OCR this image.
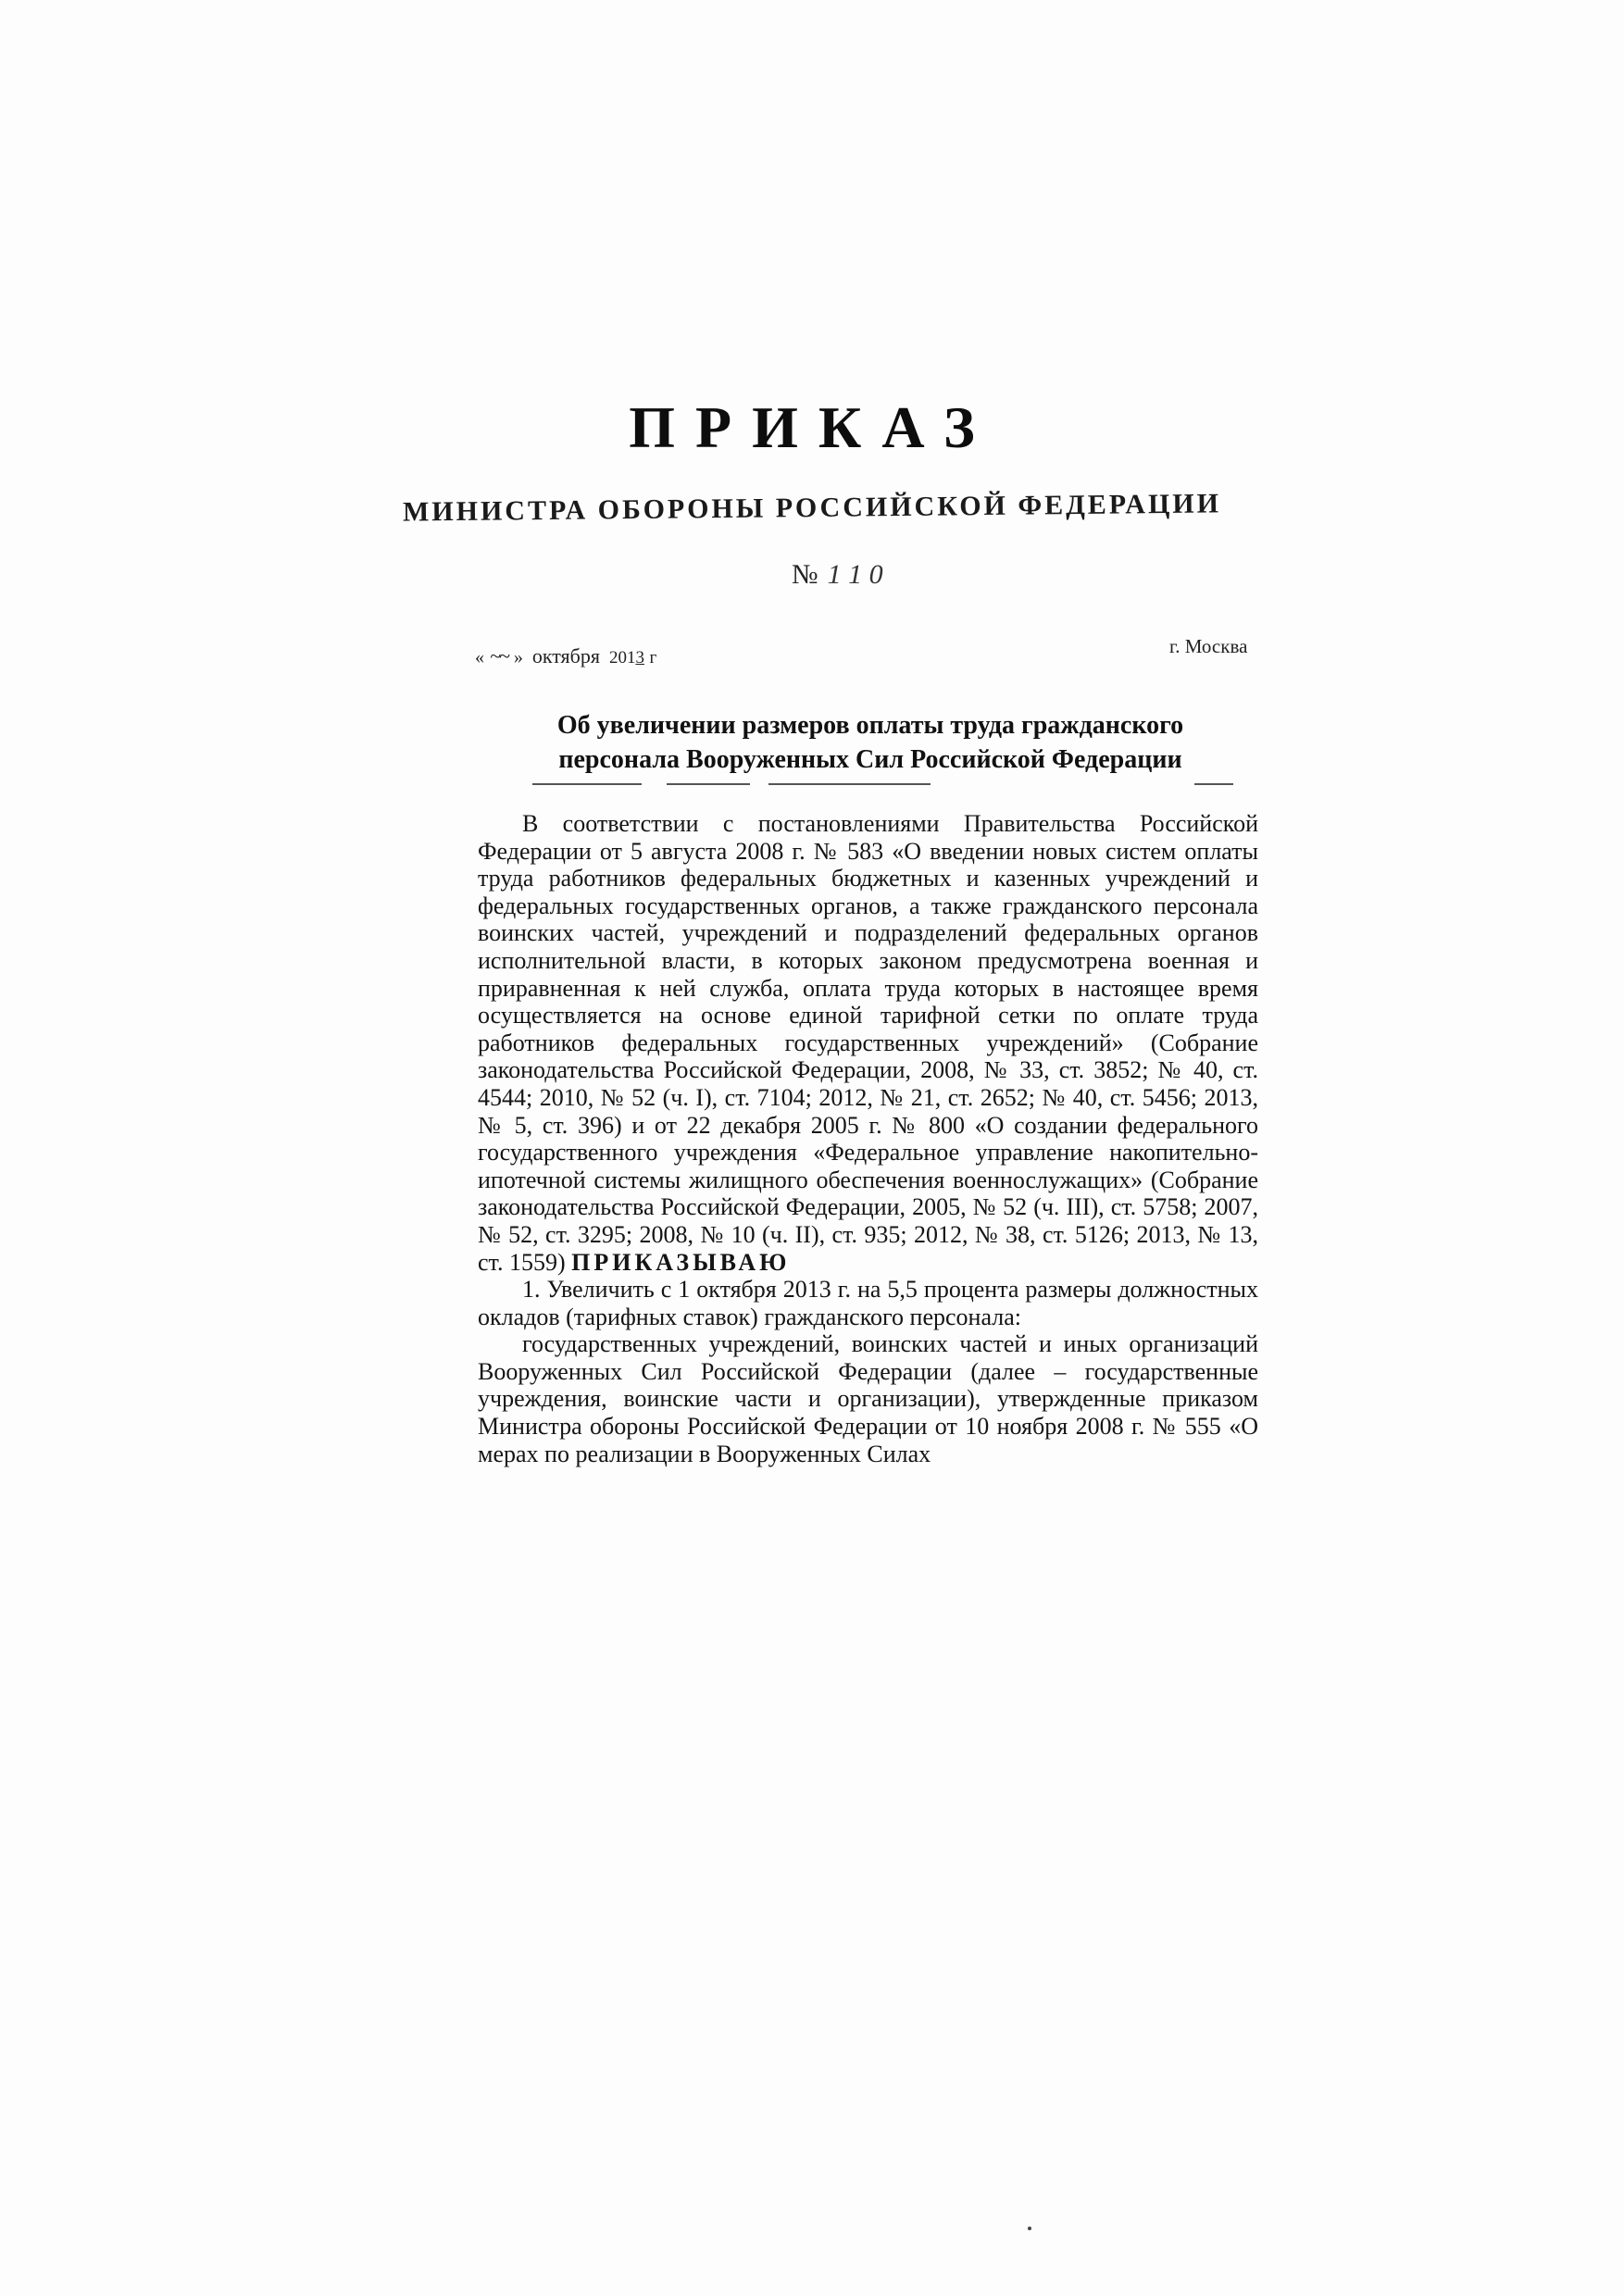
ПРИКАЗ
МИНИСТРА ОБОРОНЫ РОССИЙСКОЙ ФЕДЕРАЦИИ
№ 1 1 0
« ~~ » октября 2013 г
г. Москва
Об увеличении размеров оплаты труда гражданского персонала Вооруженных Сил Российской Федерации

В соответствии с постановлениями Правительства Российской Федерации от 5 августа 2008 г. № 583 «О введении новых систем оплаты труда работников федеральных бюджетных и казенных учреждений и федеральных государственных органов, а также гражданского персонала воинских частей, учреждений и подразделений федеральных органов исполнительной власти, в которых законом предусмотрена военная и приравненная к ней служба, оплата труда которых в настоящее время осуществляется на основе единой тарифной сетки по оплате труда работников федеральных государственных учреждений» (Собрание законодательства Российской Федерации, 2008, № 33, ст. 3852; № 40, ст. 4544; 2010, № 52 (ч. I), ст. 7104; 2012, № 21, ст. 2652; № 40, ст. 5456; 2013, № 5, ст. 396) и от 22 декабря 2005 г. № 800 «О создании федерального государственного учреждения «Федеральное управление накопительно-ипотечной системы жилищного обеспечения военнослужащих» (Собрание законодательства Российской Федерации, 2005, № 52 (ч. III), ст. 5758; 2007, № 52, ст. 3295; 2008, № 10 (ч. II), ст. 935; 2012, № 38, ст. 5126; 2013, № 13, ст. 1559) ПРИКАЗЫВАЮ

1. Увеличить с 1 октября 2013 г. на 5,5 процента размеры должностных окладов (тарифных ставок) гражданского персонала:

государственных учреждений, воинских частей и иных организаций Вооруженных Сил Российской Федерации (далее – государственные учреждения, воинские части и организации), утвержденные приказом Министра обороны Российской Федерации от 10 ноября 2008 г. № 555 «О мерах по реализации в Вооруженных Силах
